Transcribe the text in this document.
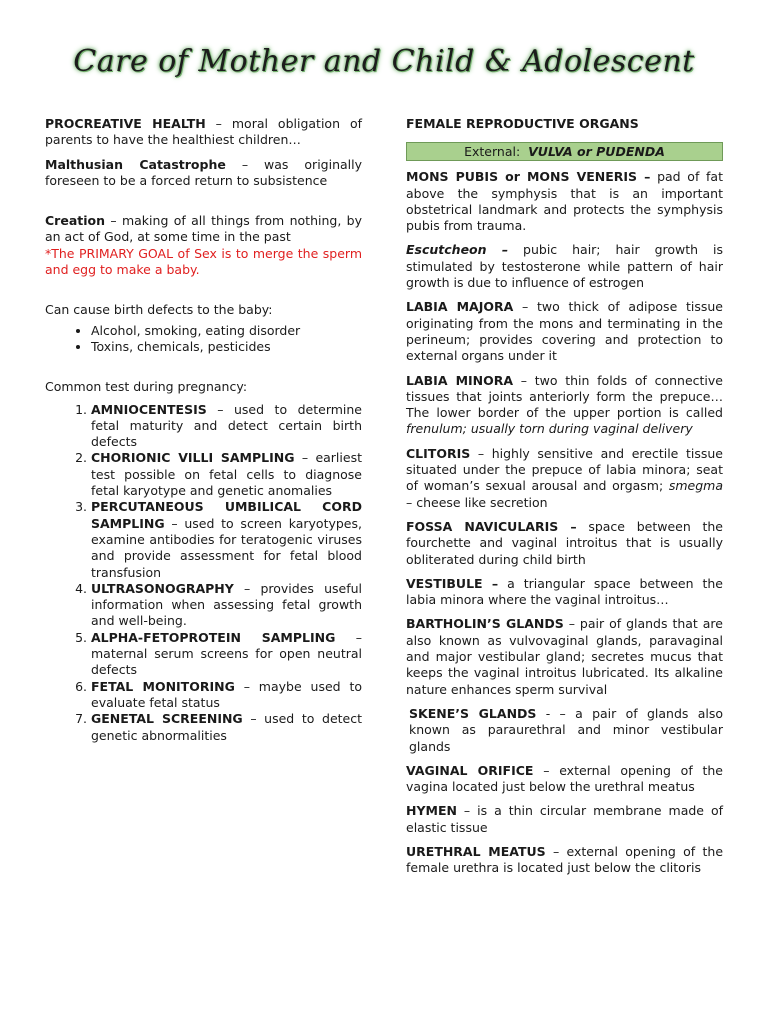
Care of Mother and Child & Adolescent

PROCREATIVE HEALTH – moral obligation of parents to have the healthiest children…

Malthusian Catastrophe – was originally foreseen to be a forced return to subsistence

Creation – making of all things from nothing, by an act of God, at some time in the past

*The PRIMARY GOAL of Sex is to merge the sperm and egg to make a baby.

Can cause birth defects to the baby:

• Alcohol, smoking, eating disorder
• Toxins, chemicals, pesticides

Common test during pregnancy:

1. AMNIOCENTESIS – used to determine fetal maturity and detect certain birth defects
2. CHORIONIC VILLI SAMPLING – earliest test possible on fetal cells to diagnose fetal karyotype and genetic anomalies
3. PERCUTANEOUS UMBILICAL CORD SAMPLING – used to screen karyotypes, examine antibodies for teratogenic viruses and provide assessment for fetal blood transfusion
4. ULTRASONOGRAPHY – provides useful information when assessing fetal growth and well-being.
5. ALPHA-FETOPROTEIN SAMPLING – maternal serum screens for open neutral defects
6. FETAL MONITORING – maybe used to evaluate fetal status
7. GENETAL SCREENING – used to detect genetic abnormalities
FEMALE REPRODUCTIVE ORGANS
External: VULVA or PUDENDA

MONS PUBIS or MONS VENERIS – pad of fat above the symphysis that is an important obstetrical landmark and protects the symphysis pubis from trauma.

Escutcheon – pubic hair; hair growth is stimulated by testosterone while pattern of hair growth is due to influence of estrogen

LABIA MAJORA – two thick of adipose tissue originating from the mons and terminating in the perineum; provides covering and protection to external organs under it

LABIA MINORA – two thin folds of connective tissues that joints anteriorly form the prepuce… The lower border of the upper portion is called frenulum; usually torn during vaginal delivery

CLITORIS – highly sensitive and erectile tissue situated under the prepuce of labia minora; seat of woman’s sexual arousal and orgasm; smegma – cheese like secretion

FOSSA NAVICULARIS – space between the fourchette and vaginal introitus that is usually obliterated during child birth

VESTIBULE – a triangular space between the labia minora where the vaginal introitus…

BARTHOLIN’S GLANDS – pair of glands that are also known as vulvovaginal glands, paravaginal and major vestibular gland; secretes mucus that keeps the vaginal introitus lubricated. Its alkaline nature enhances sperm survival

SKENE’S GLANDS - – a pair of glands also known as paraurethral and minor vestibular glands

VAGINAL ORIFICE – external opening of the vagina located just below the urethral meatus

HYMEN – is a thin circular membrane made of elastic tissue

URETHRAL MEATUS – external opening of the female urethra is located just below the clitoris
